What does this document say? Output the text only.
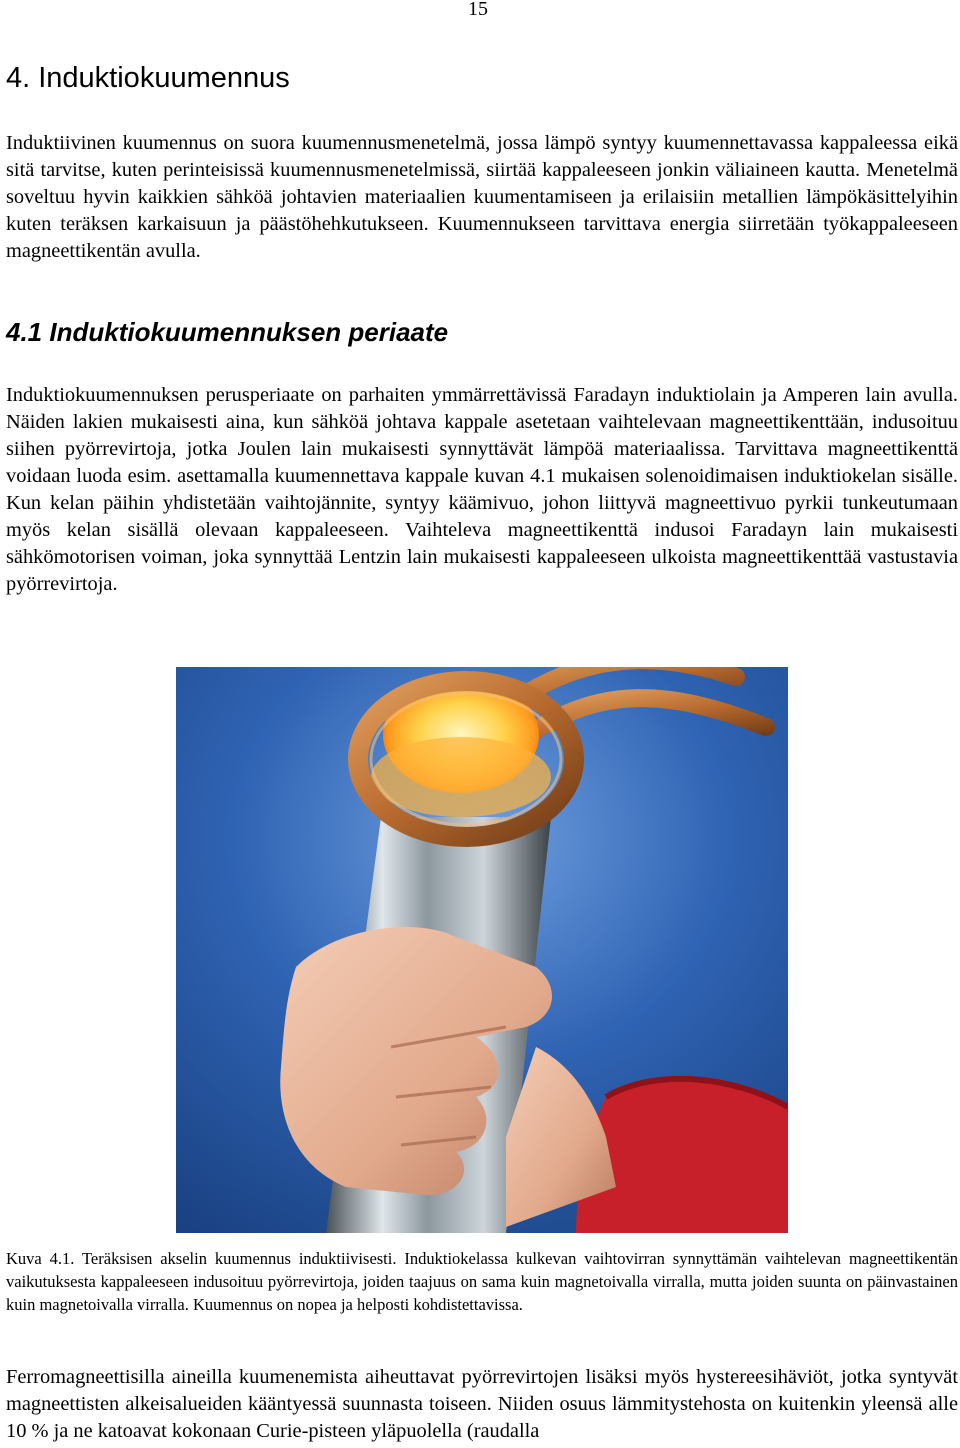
15
4. Induktiokuumennus

Induktiivinen kuumennus on suora kuumennusmenetelmä, jossa lämpö syntyy kuumennettavassa kappaleessa eikä sitä tarvitse, kuten perinteisissä kuumennusmenetelmissä, siirtää kappaleeseen jonkin väliaineen kautta. Menetelmä soveltuu hyvin kaikkien sähköä johtavien materiaalien kuumentamiseen ja erilaisiin metallien lämpökäsittelyihin kuten teräksen karkaisuun ja päästöhehkutukseen. Kuumennukseen tarvittava energia siirretään työkappaleeseen magneettikentän avulla.

4.1 Induktiokuumennuksen periaate

Induktiokuumennuksen perusperiaate on parhaiten ymmärrettävissä Faradayn induktiolain ja Amperen lain avulla. Näiden lakien mukaisesti aina, kun sähköä johtava kappale asetetaan vaihtelevaan magneettikenttään, indusoituu siihen pyörrevirtoja, jotka Joulen lain mukaisesti synnyttävät lämpöä materiaalissa. Tarvittava magneettikenttä voidaan luoda esim. asettamalla kuumennettava kappale kuvan 4.1 mukaisen solenoidimaisen induktiokelan sisälle. Kun kelan päihin yhdistetään vaihtojännite, syntyy käämivuo, johon liittyvä magneettivuo pyrkii tunkeutumaan myös kelan sisällä olevaan kappaleeseen. Vaihteleva magneettikenttä indusoi Faradayn lain mukaisesti sähkömotorisen voiman, joka synnyttää Lentzin lain mukaisesti kappaleeseen ulkoista magneettikenttää vastustavia pyörrevirtoja.

Kuva 4.1. Teräksisen akselin kuumennus induktiivisesti. Induktiokelassa kulkevan vaihtovirran synnyttämän vaihtelevan magneettikentän vaikutuksesta kappaleeseen indusoituu pyörrevirtoja, joiden taajuus on sama kuin magnetoivalla virralla, mutta joiden suunta on päinvastainen kuin magnetoivalla virralla. Kuumennus on nopea ja helposti kohdistettavissa.

Ferromagneettisilla aineilla kuumenemista aiheuttavat pyörrevirtojen lisäksi myös hystereesihäviöt, jotka syntyvät magneettisten alkeisalueiden kääntyessä suunnasta toiseen. Niiden osuus lämmitystehosta on kuitenkin yleensä alle 10 % ja ne katoavat kokonaan Curie-pisteen yläpuolella (raudalla
